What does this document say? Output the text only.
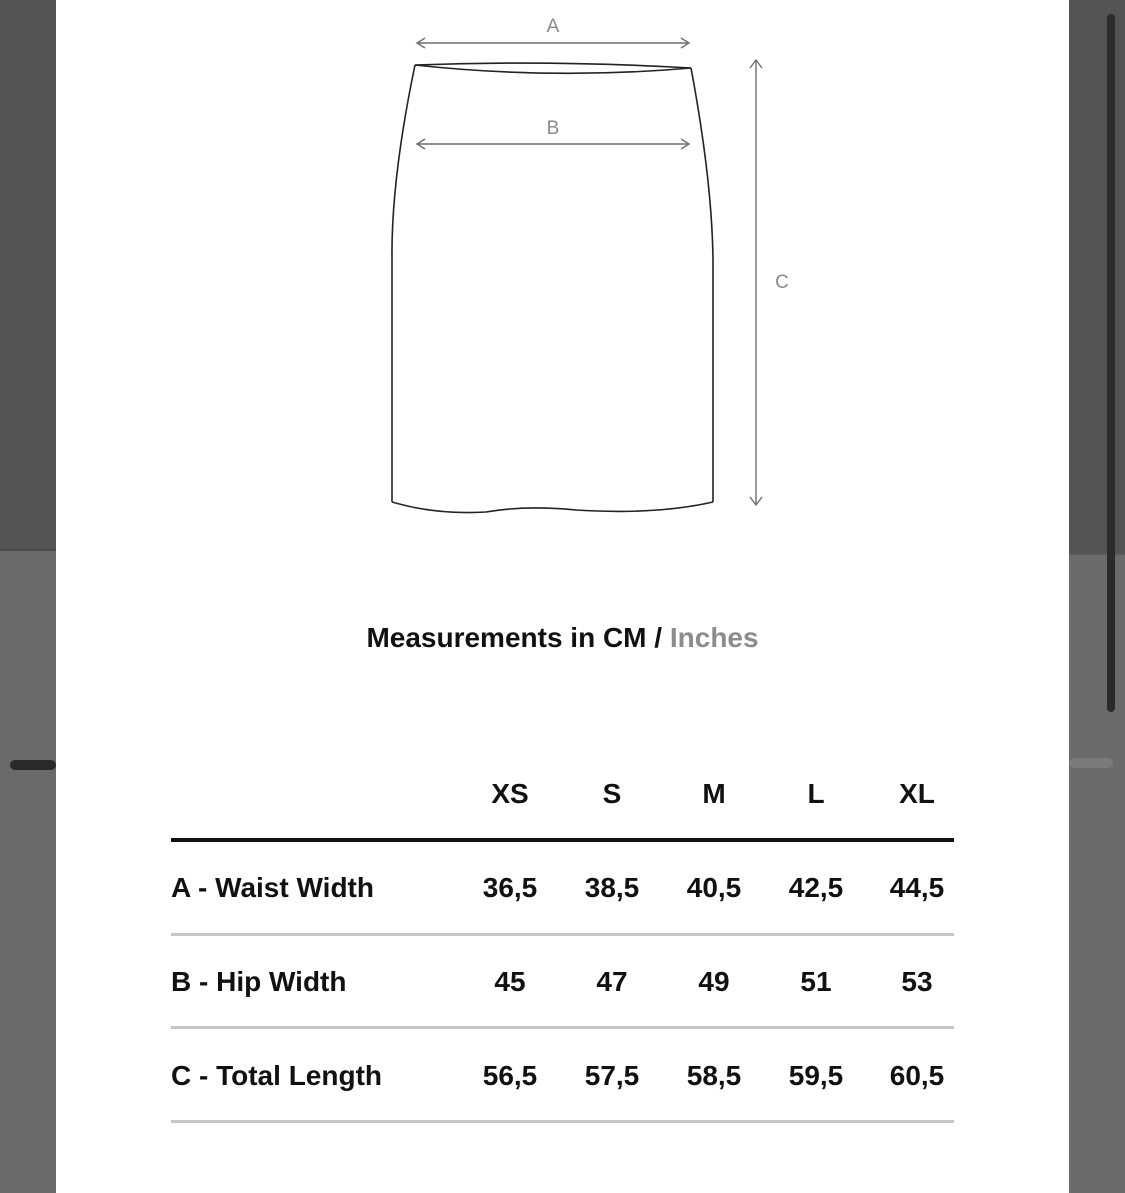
A
B
C
Measurements in CM / Inches
XS	S	M	L	XL
A - Waist Width	36,5	38,5	40,5	42,5	44,5
B - Hip Width	45	47	49	51	53
C - Total Length	56,5	57,5	58,5	59,5	60,5
